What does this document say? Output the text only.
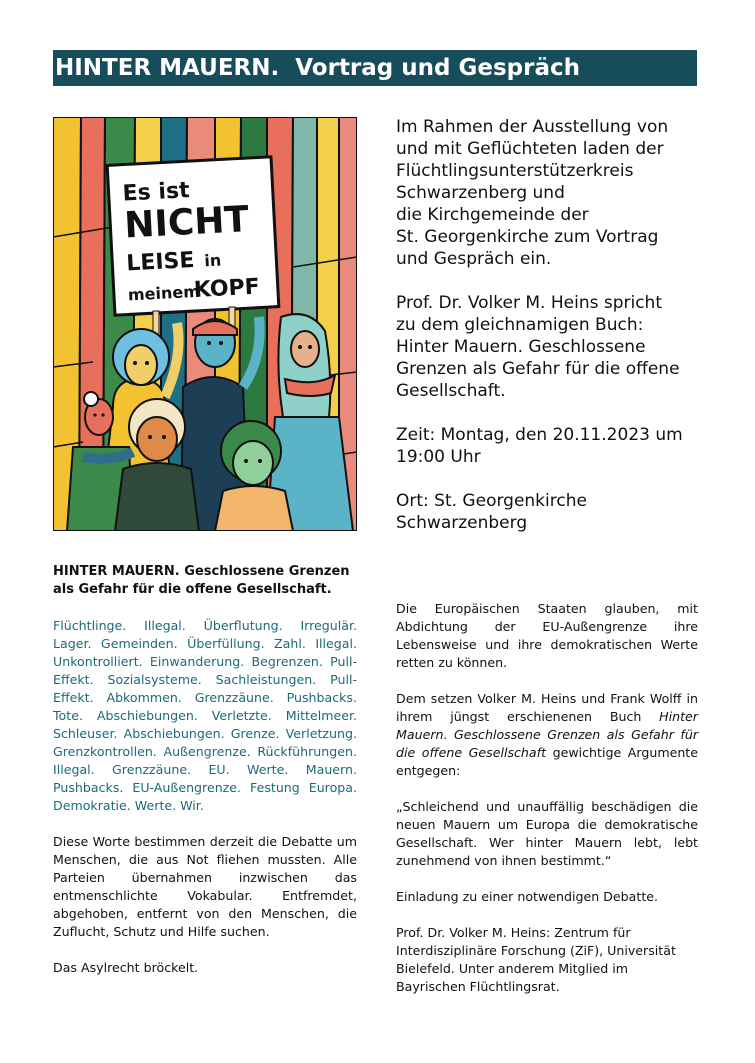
HINTER MAUERN.  Vortrag und Gespräch
Es ist
NICHT
LEISE in
meinem
KOPF

Im Rahmen der Ausstellung von
und mit Geflüchteten laden der
Flüchtlingsunterstützerkreis
Schwarzenberg und
die Kirchgemeinde der
St. Georgenkirche zum Vortrag
und Gespräch ein.

Prof. Dr. Volker M. Heins spricht
zu dem gleichnamigen Buch:
Hinter Mauern. Geschlossene
Grenzen als Gefahr für die offene
Gesellschaft.

Zeit: Montag, den 20.11.2023 um
19:00 Uhr

Ort: St. Georgenkirche
Schwarzenberg

HINTER MAUERN. Geschlossene Grenzen als Gefahr für die offene Gesellschaft.

Flüchtlinge. Illegal. Überflutung. Irregulär. Lager. Gemeinden. Überfüllung. Zahl. Illegal. Unkontrolliert. Einwanderung. Begrenzen. Pull-Effekt. Sozialsysteme. Sachleistungen. Pull-Effekt. Abkommen. Grenzzäune. Pushbacks. Tote. Abschiebungen. Verletzte. Mittelmeer. Schleuser. Abschiebungen. Grenze. Verletzung. Grenzkontrollen. Außengrenze. Rückführungen. Illegal. Grenzzäune. EU. Werte. Mauern. Pushbacks. EU-Außengrenze. Festung Europa. Demokratie. Werte. Wir.

Diese Worte bestimmen derzeit die Debatte um Menschen, die aus Not fliehen mussten. Alle Parteien übernahmen inzwischen das entmenschlichte Vokabular. Entfremdet, abgehoben, entfernt von den Menschen, die Zuflucht, Schutz und Hilfe suchen.

Das Asylrecht bröckelt.

Die Europäischen Staaten glauben, mit Abdichtung der EU-Außengrenze ihre Lebensweise und ihre demokratischen Werte retten zu können.

Dem setzen Volker M. Heins und Frank Wolff in ihrem jüngst erschienenen Buch Hinter Mauern. Geschlossene Grenzen als Gefahr für die offene Gesellschaft gewichtige Argumente entgegen:

„Schleichend und unauffällig beschädigen die neuen Mauern um Europa die demokratische Gesellschaft. Wer hinter Mauern lebt, lebt zunehmend von ihnen bestimmt.“

Einladung zu einer notwendigen Debatte.

Prof. Dr. Volker M. Heins: Zentrum für
Interdisziplinäre Forschung (ZiF), Universität
Bielefeld. Unter anderem Mitglied im
Bayrischen Flüchtlingsrat.
